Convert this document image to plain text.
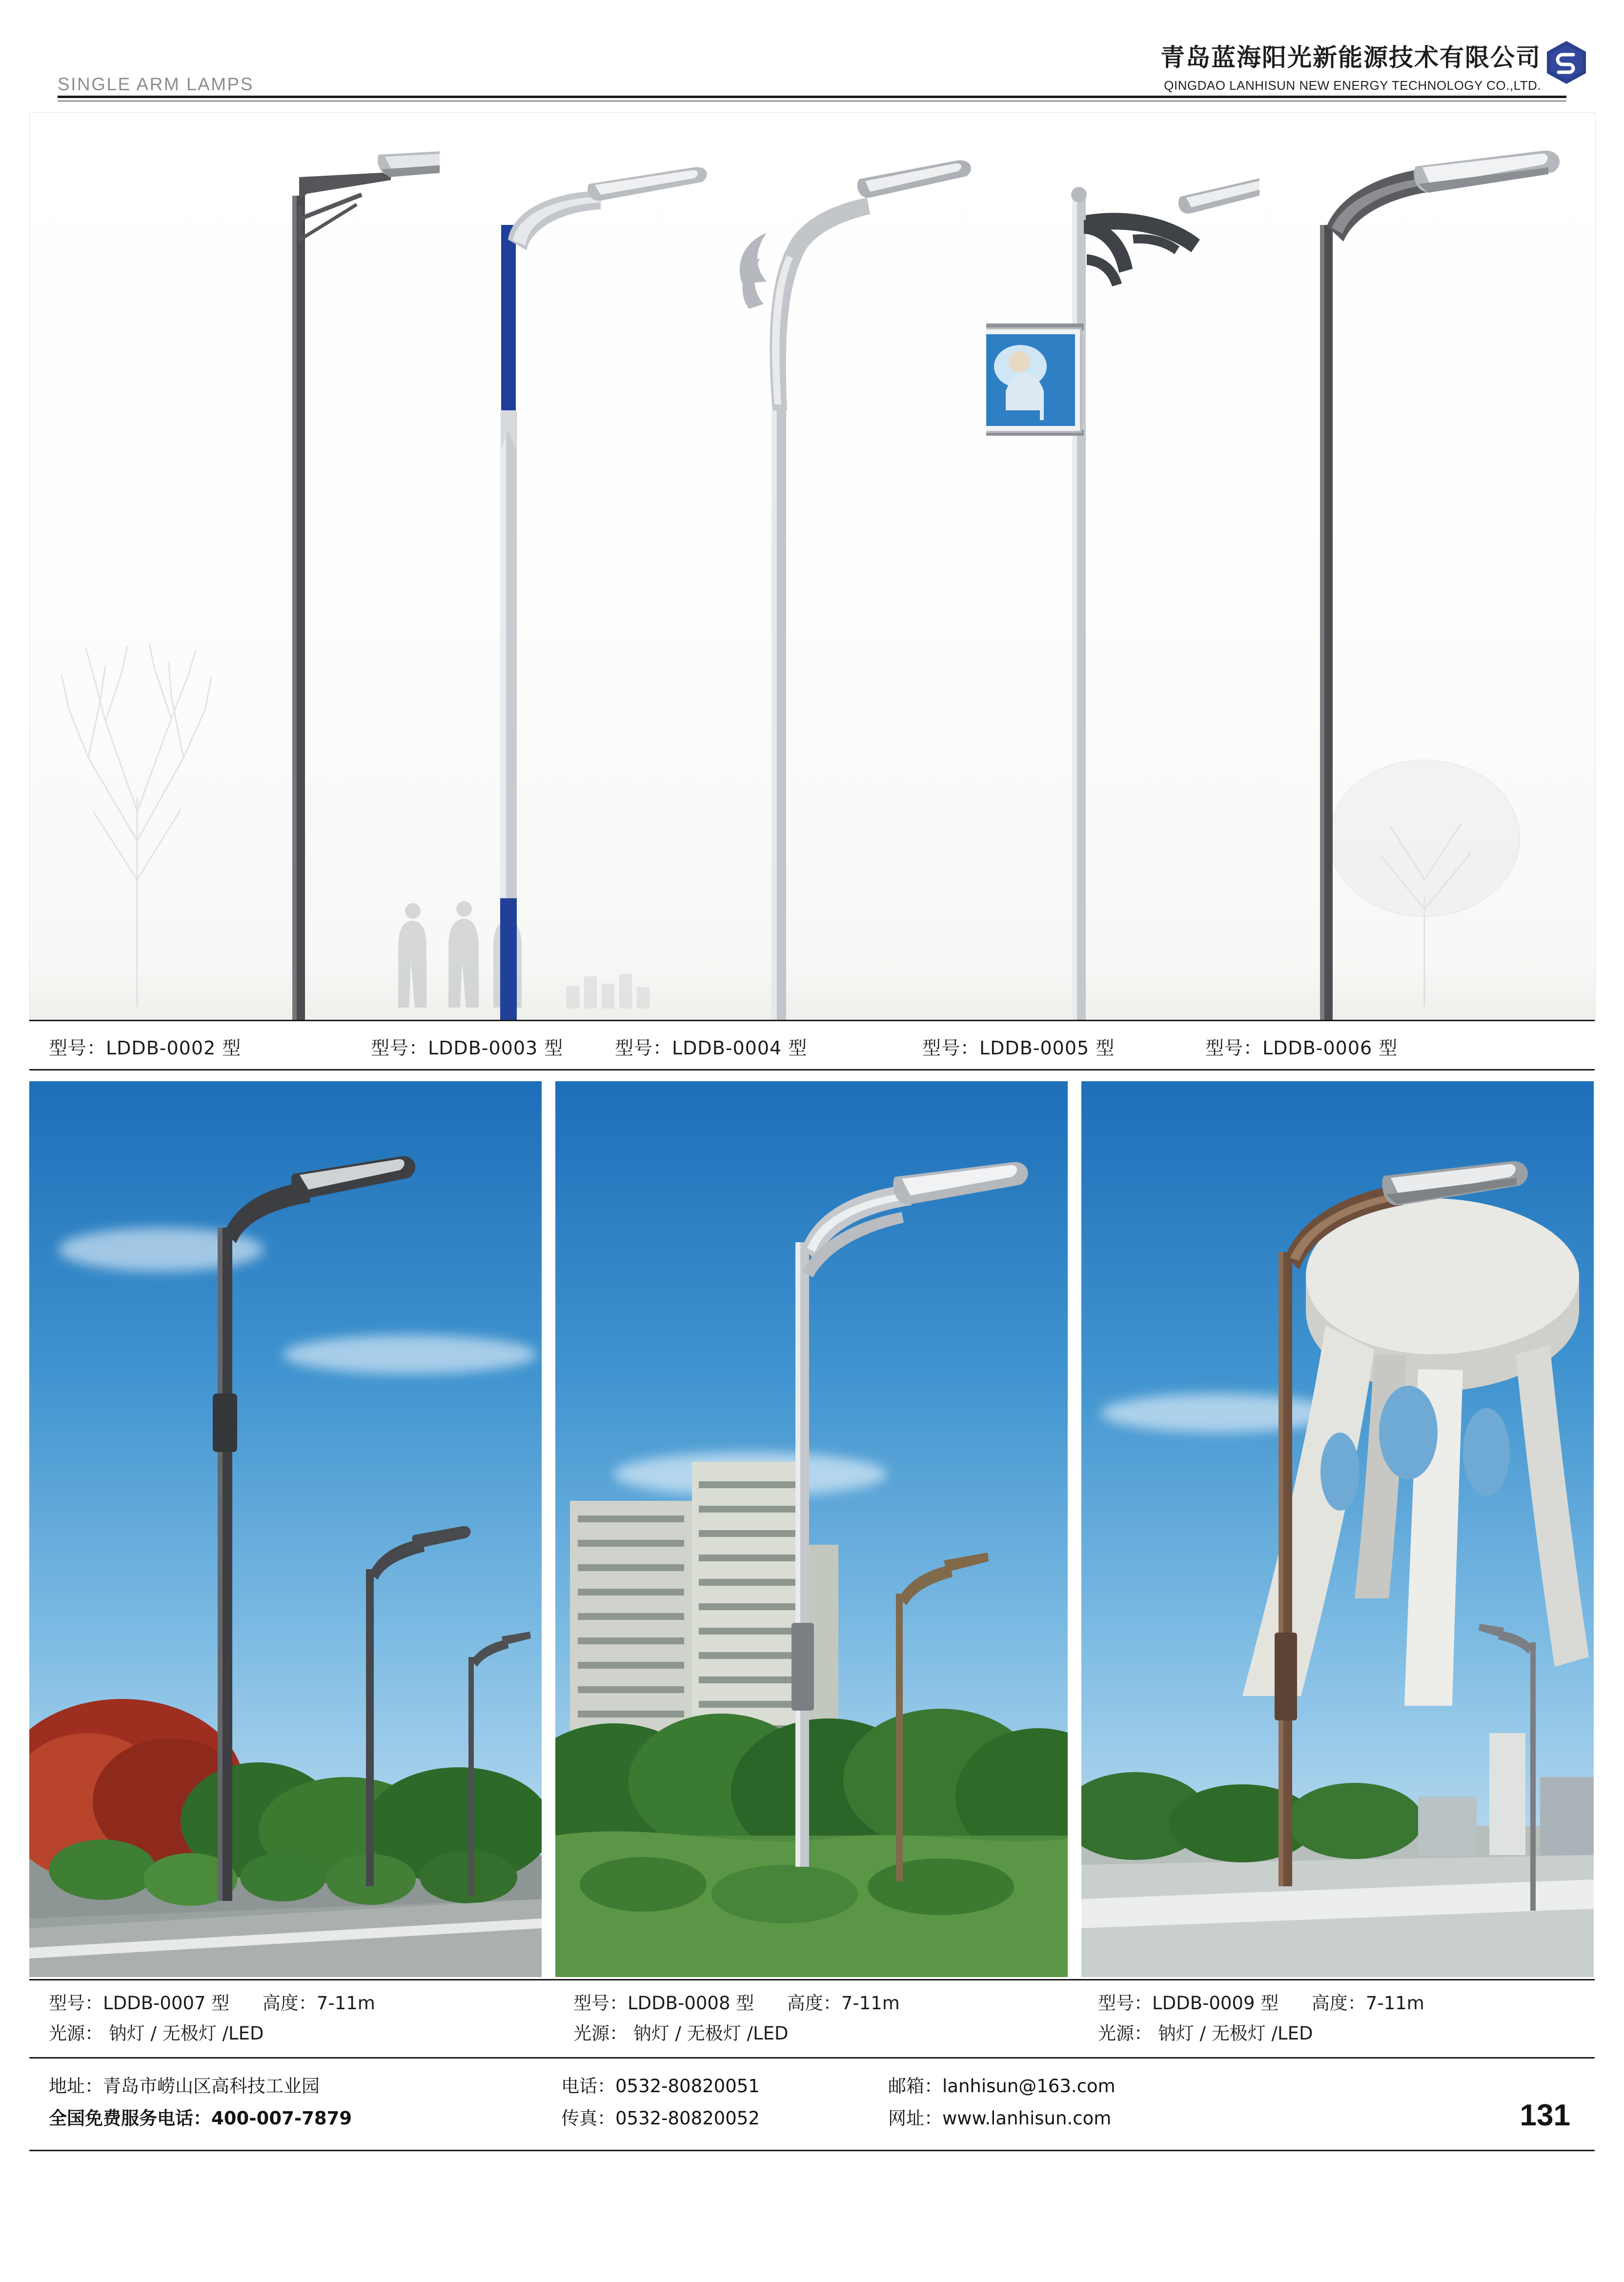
SINGLE ARM LAMPS
青岛蓝海阳光新能源技术有限公司
QINGDAO LANHISUN NEW ENERGY TECHNOLOGY CO.,LTD.
型号：LDDB-0002 型	型号：LDDB-0003 型	型号：LDDB-0004 型	型号：LDDB-0005 型	型号：LDDB-0006 型
型号：LDDB-0007 型 高度：7-11m
光源： 钠灯 / 无极灯 /LED
型号：LDDB-0008 型 高度：7-11m
光源： 钠灯 / 无极灯 /LED
型号：LDDB-0009 型 高度：7-11m
光源： 钠灯 / 无极灯 /LED
地址：青岛市崂山区高科技工业园
全国免费服务电话：400-007-7879
电话：0532-80820051
传真：0532-80820052
邮箱：lanhisun@163.com
网址：www.lanhisun.com	131
